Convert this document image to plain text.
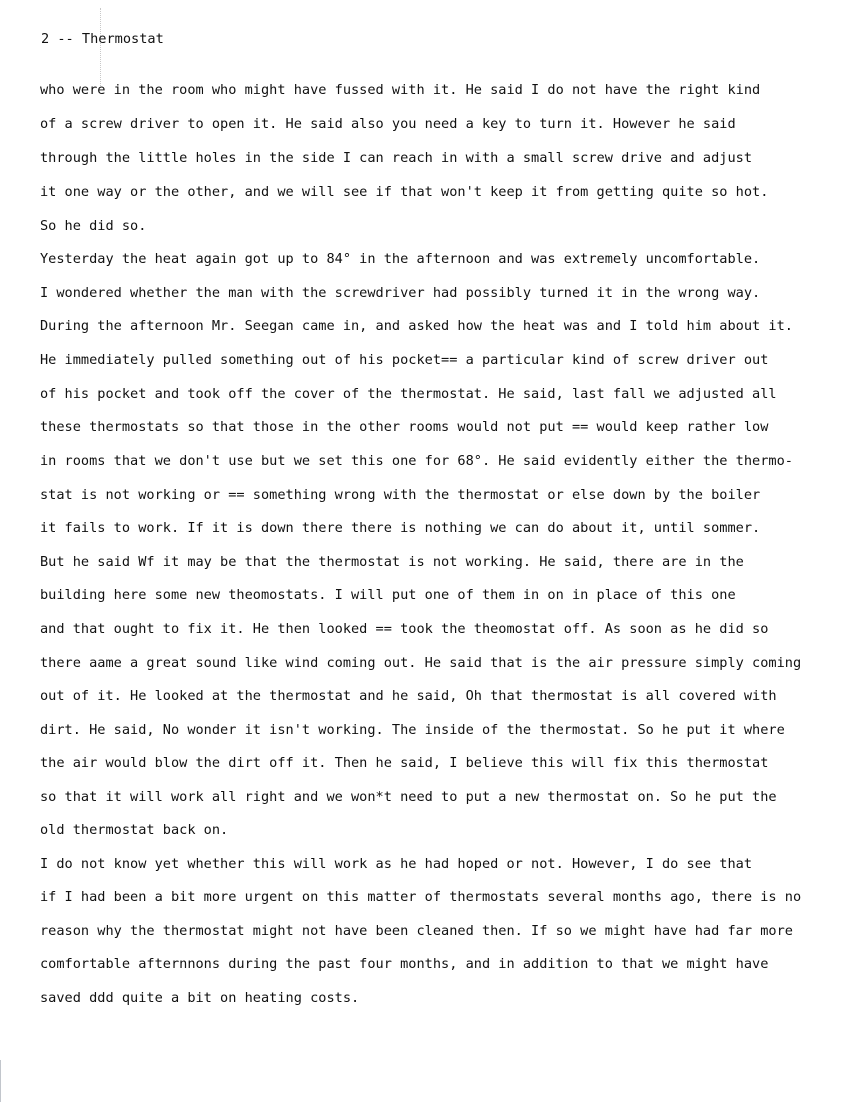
2 -- Thermostat
who were in the room who might have fussed with it. He said I do not have the right kind
of a screw driver to open it. He said also you need a key to turn it. However he said
through the little holes in the side I can reach in with a small screw drive and adjust
it one way or the other, and we will see if that won't keep it from getting quite so hot.
So he did so.
Yesterday the heat again got up to 84° in the afternoon and was extremely uncomfortable.
I wondered whether the man with the screwdriver had possibly turned it in the wrong way.
During the afternoon Mr. Seegan came in, and asked how the heat was and I told him about it.
He immediately pulled something out of his pocket== a particular kind of screw driver out
of his pocket and took off the cover of the thermostat. He said, last fall we adjusted all
these thermostats so that those in the other rooms would not put == would keep rather low
in rooms that we don't use but we set this one for 68°. He said evidently either the thermo-
stat is not working or == something wrong with the thermostat or else down by the boiler
it fails to work. If it is down there there is nothing we can do about it, until sommer.
But he said Wf it may be that the thermostat is not working. He said, there are in the
building here some new theomostats. I will put one of them in on in place of this one
and that ought to fix it. He then looked == took the theomostat off. As soon as he did so
there aame a great sound like wind coming out. He said that is the air pressure simply coming
out of it. He looked at the thermostat and he said, Oh that thermostat is all covered with
dirt. He said, No wonder it isn't working. The inside of the thermostat. So he put it where
the air would blow the dirt off it. Then he said, I believe this will fix this thermostat
so that it will work all right and we won*t need to put a new thermostat on. So he put the
old thermostat back on.
I do not know yet whether this will work as he had hoped or not. However, I do see that
if I had been a bit more urgent on this matter of thermostats several months ago, there is no
reason why the thermostat might not have been cleaned then. If so we might have had far more
comfortable afternnons during the past four months, and in addition to that we might have
saved ddd quite a bit on heating costs.
